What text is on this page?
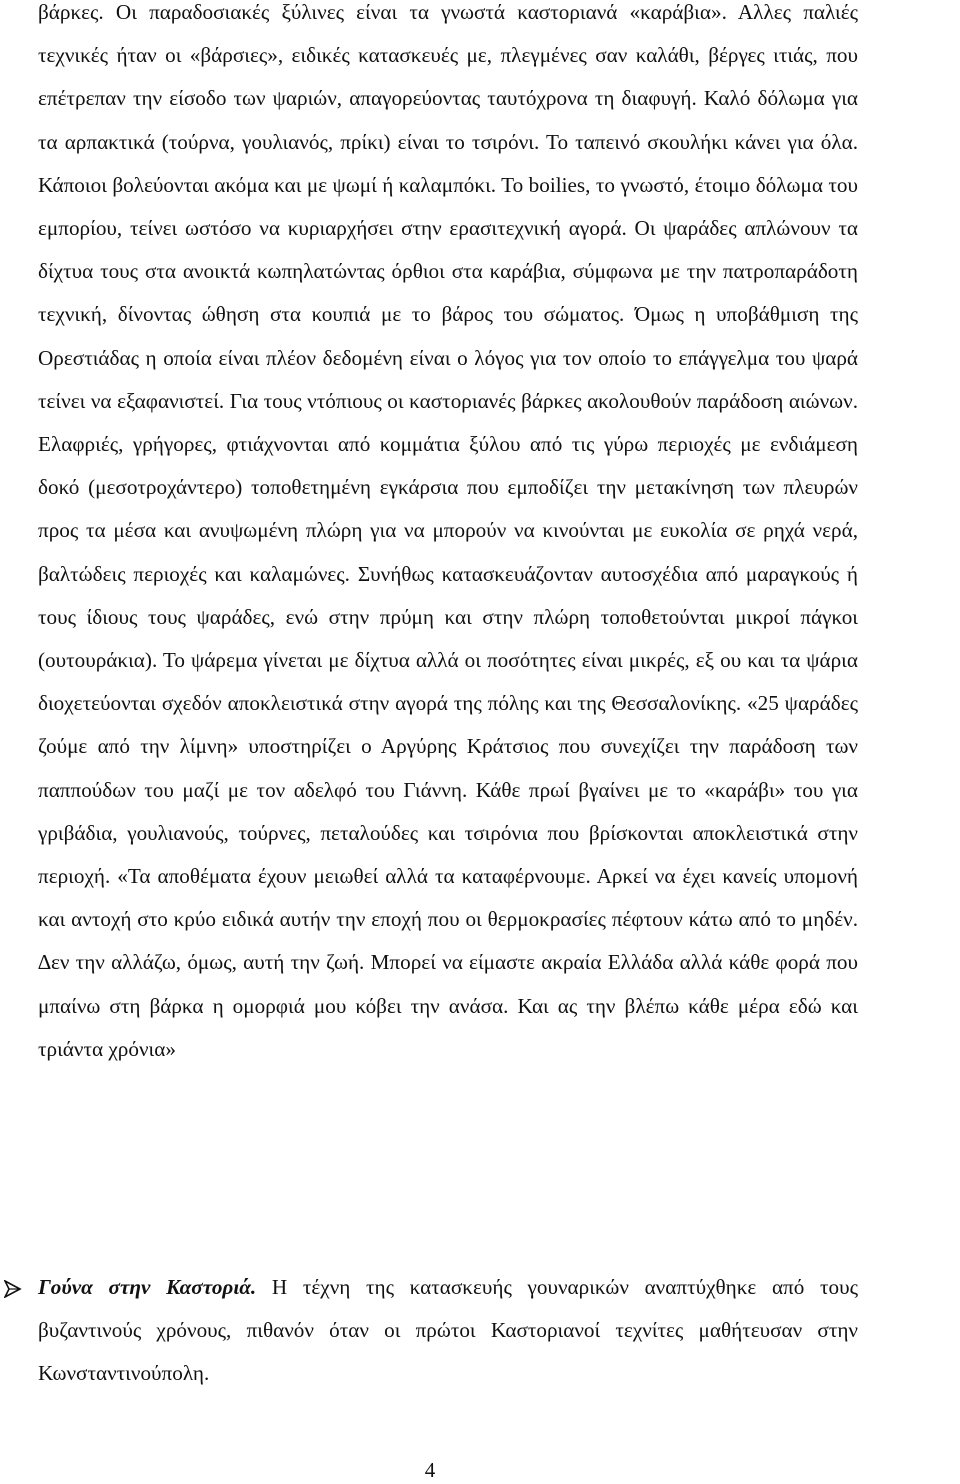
βάρκες. Οι παραδοσιακές ξύλινες είναι τα γνωστά καστοριανά «καράβια». Αλλες παλιές τεχνικές ήταν οι «βάρσιες», ειδικές κατασκευές με, πλεγμένες σαν καλάθι, βέργες ιτιάς, που επέτρεπαν την είσοδο των ψαριών, απαγορεύοντας ταυτόχρονα τη διαφυγή. Καλό δόλωμα για τα αρπακτικά (τούρνα, γουλιανός, πρίκι) είναι το τσιρόνι. Το ταπεινό σκουλήκι κάνει για όλα. Κάποιοι βολεύονται ακόμα και με ψωμί ή καλαμπόκι. Το boilies, το γνωστό, έτοιμο δόλωμα του εμπορίου, τείνει ωστόσο να κυριαρχήσει στην ερασιτεχνική αγορά. Οι ψαράδες απλώνουν τα δίχτυα τους στα ανοικτά κωπηλατώντας όρθιοι στα καράβια, σύμφωνα με την πατροπαράδοτη τεχνική, δίνοντας ώθηση στα κουπιά με το βάρος του σώματος. Όμως η υποβάθμιση της Ορεστιάδας η οποία είναι πλέον δεδομένη είναι ο λόγος για τον οποίο το επάγγελμα του ψαρά τείνει να εξαφανιστεί. Για τους ντόπιους οι καστοριανές βάρκες ακολουθούν παράδοση αιώνων. Ελαφριές, γρήγορες, φτιάχνονται από κομμάτια ξύλου από τις γύρω περιοχές με ενδιάμεση δοκό (μεσοτροχάντερο) τοποθετημένη εγκάρσια που εμποδίζει την μετακίνηση των πλευρών προς τα μέσα και ανυψωμένη πλώρη για να μπορούν να κινούνται με ευκολία σε ρηχά νερά, βαλτώδεις περιοχές και καλαμώνες. Συνήθως κατασκευάζονταν αυτοσχέδια από μαραγκούς ή τους ίδιους τους ψαράδες, ενώ στην πρύμη και στην πλώρη τοποθετούνται μικροί πάγκοι (ουτουράκια). Το ψάρεμα γίνεται με δίχτυα αλλά οι ποσότητες είναι μικρές, εξ ου και τα ψάρια διοχετεύονται σχεδόν αποκλειστικά στην αγορά της πόλης και της Θεσσαλονίκης. «25 ψαράδες ζούμε από την λίμνη» υποστηρίζει ο Αργύρης Κράτσιος που συνεχίζει την παράδοση των παππούδων του μαζί με τον αδελφό του Γιάννη. Κάθε πρωί βγαίνει με το «καράβι» του για γριβάδια, γουλιανούς, τούρνες, πεταλούδες και τσιρόνια που βρίσκονται αποκλειστικά στην περιοχή. «Τα αποθέματα έχουν μειωθεί αλλά τα καταφέρνουμε. Αρκεί να έχει κανείς υπομονή και αντοχή στο κρύο ειδικά αυτήν την εποχή που οι θερμοκρασίες πέφτουν κάτω από το μηδέν. ∆εν την αλλάζω, όμως, αυτή την ζωή. Μπορεί να είμαστε ακραία Ελλάδα αλλά κάθε φορά που μπαίνω στη βάρκα η ομορφιά μου κόβει την ανάσα. Και ας την βλέπω κάθε μέρα εδώ και τριάντα χρόνια»

Γούνα στην Καστοριά. Η τέχνη της κατασκευής γουναρικών αναπτύχθηκε από τους βυζαντινούς χρόνους, πιθανόν όταν οι πρώτοι Καστοριανοί τεχνίτες μαθήτευσαν στην Κωνσταντινούπολη.

4
